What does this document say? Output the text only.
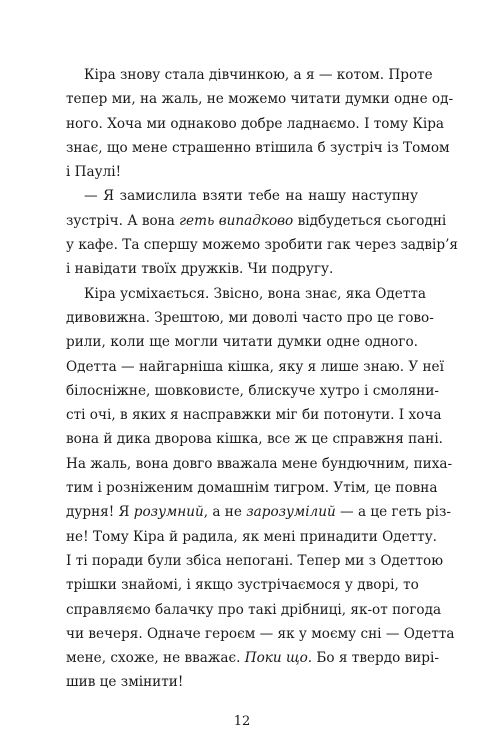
Кіра знову стала дівчинкою, а я — котом. Проте
тепер ми, на жаль, не можемо читати думки одне од-
ного. Хоча ми однаково добре ладнаємо. І тому Кіра
знає, що мене страшенно втішила б зустріч із Томом
і Паулі!
— Я замислила взяти тебе на нашу наступну
зустріч. А вона геть випадково відбудеться сьогодні
у кафе. Та спершу можемо зробити гак через задвір’я
і навідати твоїх дружків. Чи подругу.
Кіра усміхається. Звісно, вона знає, яка Одетта
дивовижна. Зрештою, ми доволі часто про це гово-
рили, коли ще могли читати думки одне одного.
Одетта — найгарніша кішка, яку я лише знаю. У неї
білосніжне, шовковисте, блискуче хутро і смоляни-
сті очі, в яких я насправжки міг би потонути. І хоча
вона й дика дворова кішка, все ж це справжня пані.
На жаль, вона довго вважала мене бундючним, пиха-
тим і розніженим домашнім тигром. Утім, це повна
дурня! Я розумний, а не зарозумілий — а це геть різ-
не! Тому Кіра й радила, як мені принадити Одетту.
І ті поради були збіса непогані. Тепер ми з Одеттою
трішки знайомі, і якщо зустрічаємося у дворі, то
справляємо балачку про такі дрібниці, як-от погода
чи вечеря. Одначе героєм — як у моєму сні — Одетта
мене, схоже, не вважає. Поки що. Бо я твердо вирі-
шив це змінити!
12
